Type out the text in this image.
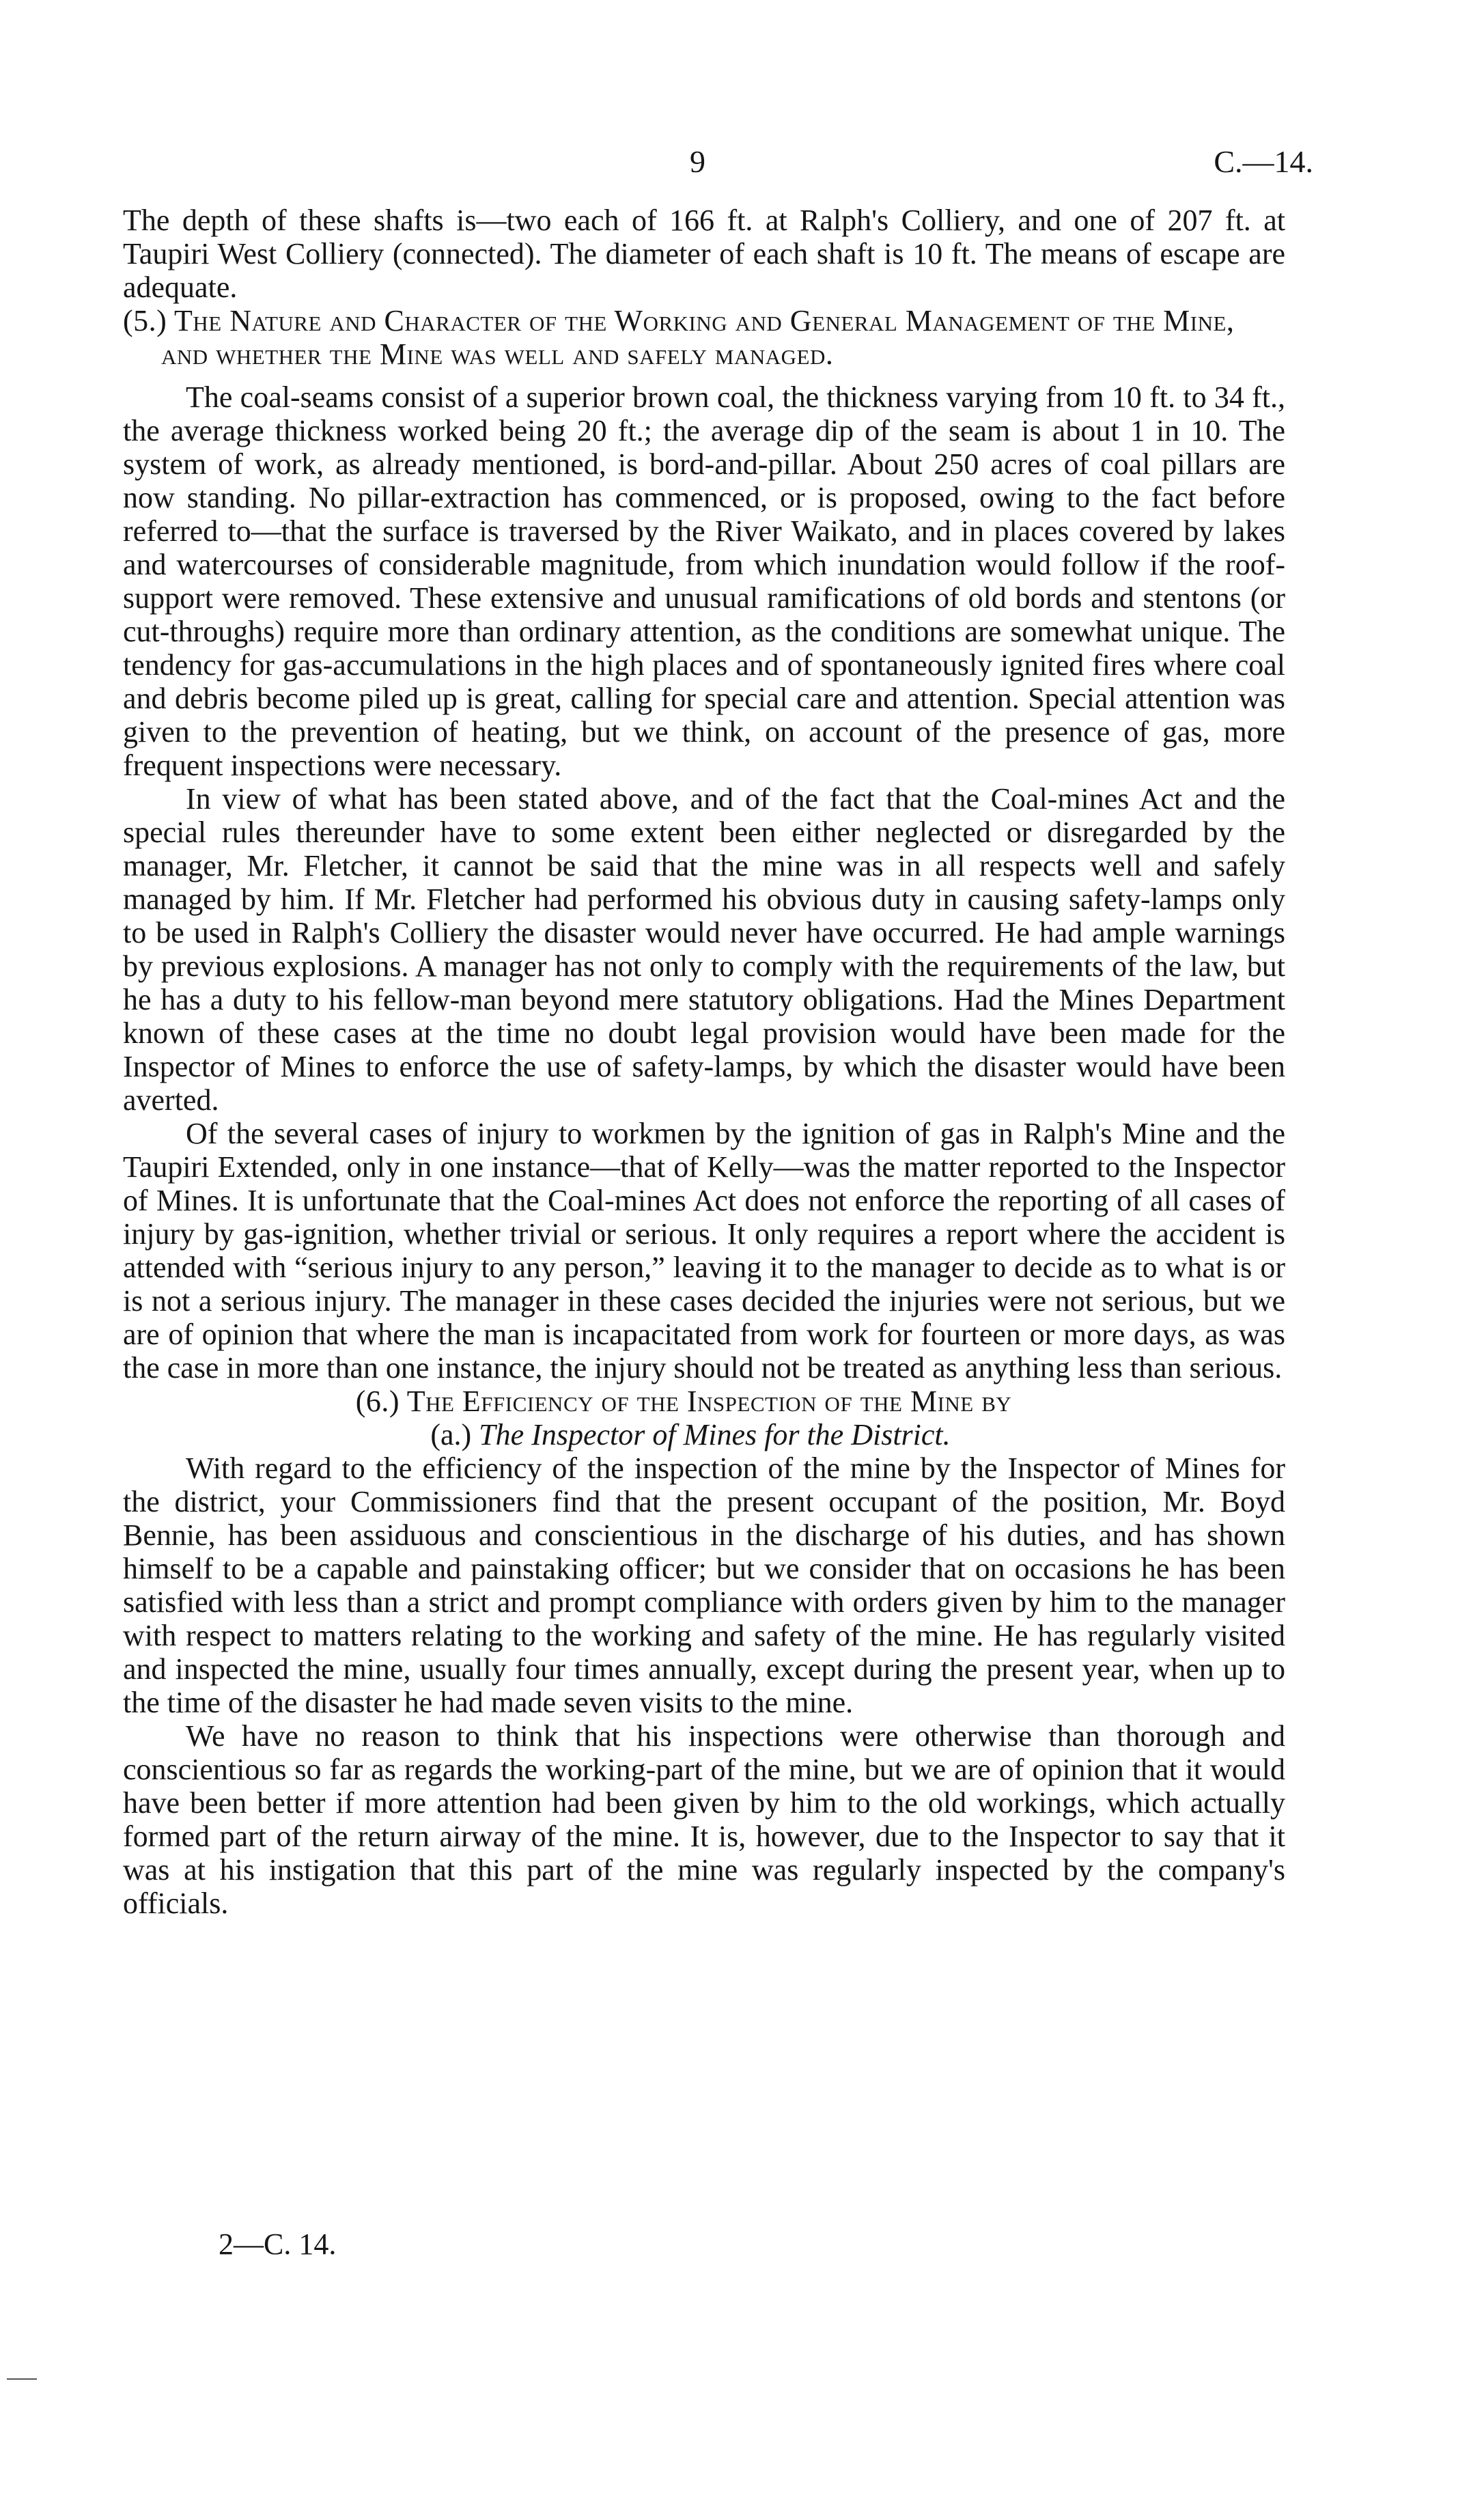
9	C.—14.

The depth of these shafts is—two each of 166 ft. at Ralph's Colliery, and one of 207 ft. at Taupiri West Colliery (connected). The diameter of each shaft is 10 ft. The means of escape are adequate.

(5.) The Nature and Character of the Working and General Management of the Mine, and whether the Mine was well and safely managed.

The coal-seams consist of a superior brown coal, the thickness varying from 10 ft. to 34 ft., the average thickness worked being 20 ft.; the average dip of the seam is about 1 in 10. The system of work, as already mentioned, is bord-and-pillar. About 250 acres of coal pillars are now standing. No pillar-extraction has commenced, or is proposed, owing to the fact before referred to—that the surface is traversed by the River Waikato, and in places covered by lakes and watercourses of considerable magnitude, from which inundation would follow if the roof-support were removed. These extensive and unusual ramifications of old bords and stentons (or cut-throughs) require more than ordinary attention, as the conditions are somewhat unique. The tendency for gas-accumulations in the high places and of spontaneously ignited fires where coal and debris become piled up is great, calling for special care and attention. Special attention was given to the prevention of heating, but we think, on account of the presence of gas, more frequent inspections were necessary.

In view of what has been stated above, and of the fact that the Coal-mines Act and the special rules thereunder have to some extent been either neglected or disregarded by the manager, Mr. Fletcher, it cannot be said that the mine was in all respects well and safely managed by him. If Mr. Fletcher had performed his obvious duty in causing safety-lamps only to be used in Ralph's Colliery the disaster would never have occurred. He had ample warnings by previous explosions. A manager has not only to comply with the requirements of the law, but he has a duty to his fellow-man beyond mere statutory obligations. Had the Mines Department known of these cases at the time no doubt legal provision would have been made for the Inspector of Mines to enforce the use of safety-lamps, by which the disaster would have been averted.

Of the several cases of injury to workmen by the ignition of gas in Ralph's Mine and the Taupiri Extended, only in one instance—that of Kelly—was the matter reported to the Inspector of Mines. It is unfortunate that the Coal-mines Act does not enforce the reporting of all cases of injury by gas-ignition, whether trivial or serious. It only requires a report where the accident is attended with “serious injury to any person,” leaving it to the manager to decide as to what is or is not a serious injury. The manager in these cases decided the injuries were not serious, but we are of opinion that where the man is incapacitated from work for fourteen or more days, as was the case in more than one instance, the injury should not be treated as anything less than serious.

(6.) The Efficiency of the Inspection of the Mine by

(a.) The Inspector of Mines for the District.

With regard to the efficiency of the inspection of the mine by the Inspector of Mines for the district, your Commissioners find that the present occupant of the position, Mr. Boyd Bennie, has been assiduous and conscientious in the discharge of his duties, and has shown himself to be a capable and painstaking officer; but we consider that on occasions he has been satisfied with less than a strict and prompt compliance with orders given by him to the manager with respect to matters relating to the working and safety of the mine. He has regularly visited and inspected the mine, usually four times annually, except during the present year, when up to the time of the disaster he had made seven visits to the mine.

We have no reason to think that his inspections were otherwise than thorough and conscientious so far as regards the working-part of the mine, but we are of opinion that it would have been better if more attention had been given by him to the old workings, which actually formed part of the return airway of the mine. It is, however, due to the Inspector to say that it was at his instigation that this part of the mine was regularly inspected by the company's officials.

2—C. 14.
